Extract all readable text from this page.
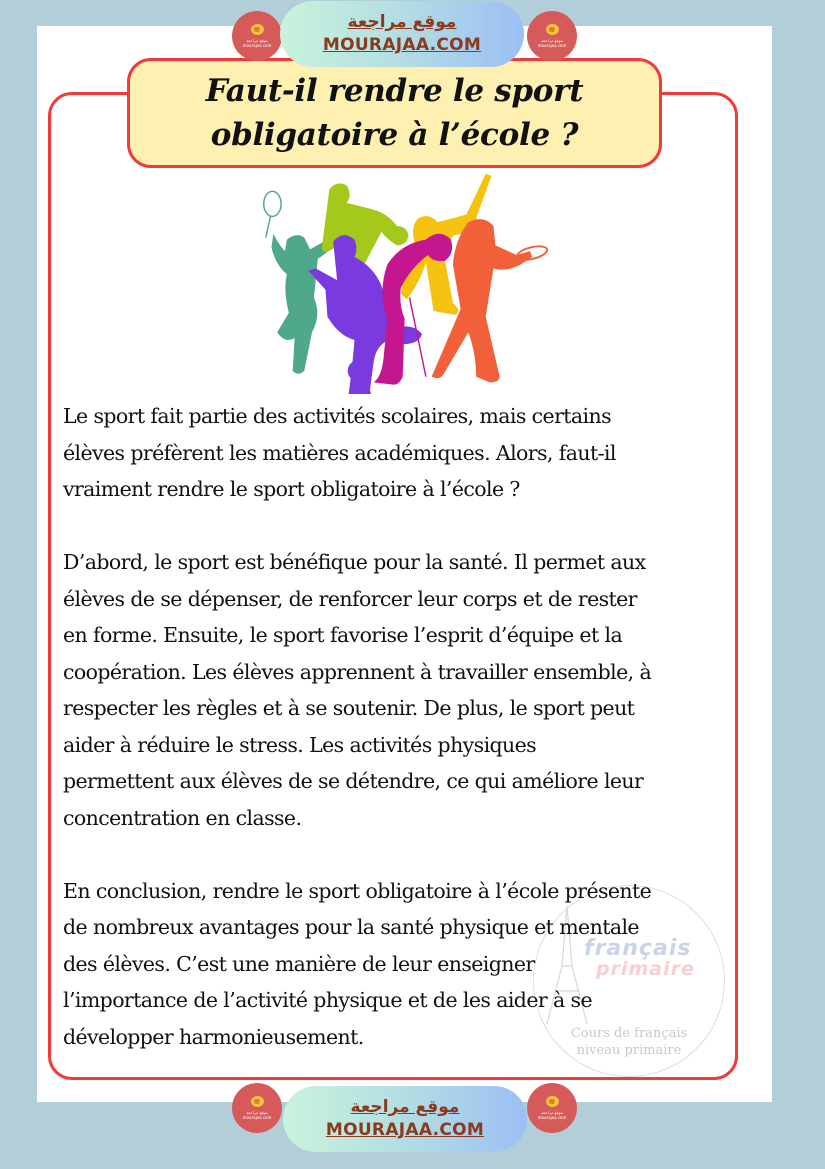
▤
موقع مراجعة
mourajaa.com
موقع مراجعة
MOURAJAA.COM
▤
موقع مراجعة
mourajaa.com
Faut-il rendre le sport
obligatoire à l’école ?
français
primaire
Cours de français
niveau primaire

Le sport fait partie des activités scolaires, mais certains
élèves préfèrent les matières académiques. Alors, faut-il
vraiment rendre le sport obligatoire à l’école ?

D’abord, le sport est bénéfique pour la santé. Il permet aux
élèves de se dépenser, de renforcer leur corps et de rester
en forme. Ensuite, le sport favorise l’esprit d’équipe et la
coopération. Les élèves apprennent à travailler ensemble, à
respecter les règles et à se soutenir. De plus, le sport peut
aider à réduire le stress. Les activités physiques
permettent aux élèves de se détendre, ce qui améliore leur
concentration en classe.

En conclusion, rendre le sport obligatoire à l’école présente
de nombreux avantages pour la santé physique et mentale
des élèves. C’est une manière de leur enseigner
l’importance de l’activité physique et de les aider à se
développer harmonieusement.

▤
موقع مراجعة
mourajaa.com
موقع مراجعة
MOURAJAA.COM
▤
موقع مراجعة
mourajaa.com
